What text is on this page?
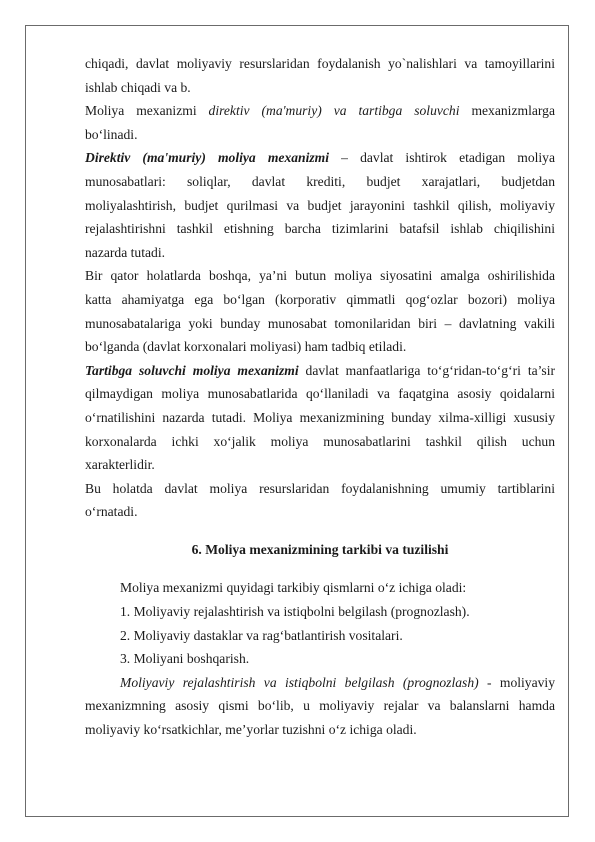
chiqadi, davlat moliyaviy resurslaridan foydalanish yo`nalishlari va tamoyillarini

ishlab chiqadi va b.

Moliya mexanizmi direktiv (ma'muriy) va tartibga soluvchi mexanizmlarga

bo‘linadi.

Direktiv (ma'muriy) moliya mexanizmi – davlat ishtirok etadigan moliya

munosabatlari: soliqlar, davlat krediti, budjet xarajatlari, budjetdan

moliyalashtirish, budjet qurilmasi va budjet jarayonini tashkil qilish, moliyaviy

rejalashtirishni tashkil etishning barcha tizimlarini batafsil ishlab chiqilishini

nazarda tutadi.

Bir qator holatlarda boshqa, ya’ni butun moliya siyosatini amalga oshirilishida

katta ahamiyatga ega bo‘lgan (korporativ qimmatli qog‘ozlar bozori) moliya

munosabatalariga yoki bunday munosabat tomonilaridan biri – davlatning vakili

bo‘lganda (davlat korxonalari moliyasi) ham tadbiq etiladi.

Tartibga soluvchi moliya mexanizmi davlat manfaatlariga to‘g‘ridan-to‘g‘ri ta’sir

qilmaydigan moliya munosabatlarida qo‘llaniladi va faqatgina asosiy qoidalarni

o‘rnatilishini nazarda tutadi. Moliya mexanizmining bunday xilma-xilligi xususiy

korxonalarda ichki xo‘jalik moliya munosabatlarini tashkil qilish uchun

xarakterlidir.

Bu holatda davlat moliya resurslaridan foydalanishning umumiy tartiblarini

o‘rnatadi.

6. Moliya mexanizmining tarkibi va tuzilishi

Moliya mexanizmi quyidagi tarkibiy qismlarni o‘z ichiga oladi:

1. Moliyaviy rejalashtirish va istiqbolni belgilash (prognozlash).

2. Moliyaviy dastaklar va rag‘batlantirish vositalari.

3. Moliyani boshqarish.

Moliyaviy rejalashtirish va istiqbolni belgilash (prognozlash) - moliyaviy

mexanizmning asosiy qismi bo‘lib, u moliyaviy rejalar va balanslarni hamda

moliyaviy ko‘rsatkichlar, me’yorlar tuzishni o‘z ichiga oladi.
